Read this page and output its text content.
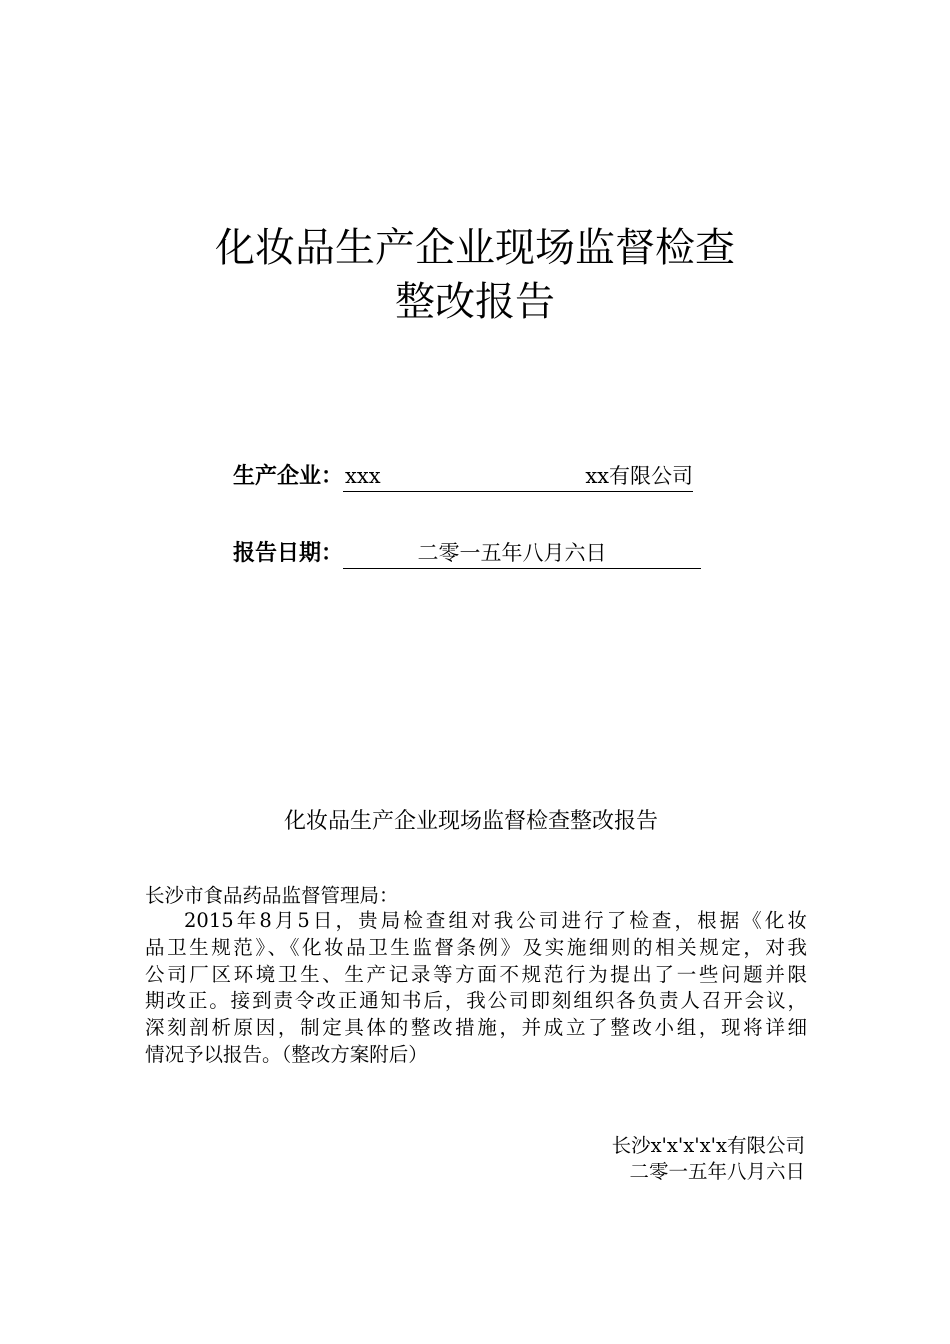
化妆品生产企业现场监督检查
整改报告
生产企业： xxx	xx有限公司
报告日期：	二零一五年八月六日
化妆品生产企业现场监督检查整改报告
长沙市食品药品监督管理局：
2015年8月5日，贵局检查组对我公司进行了检查，根据《化妆
品卫生规范》、《化妆品卫生监督条例》及实施细则的相关规定，对我
公司厂区环境卫生、生产记录等方面不规范行为提出了一些问题并限
期改正。接到责令改正通知书后，我公司即刻组织各负责人召开会议，
深刻剖析原因，制定具体的整改措施，并成立了整改小组，现将详细
情况予以报告。（整改方案附后）
长沙x'x'x'x'x有限公司
二零一五年八月六日
